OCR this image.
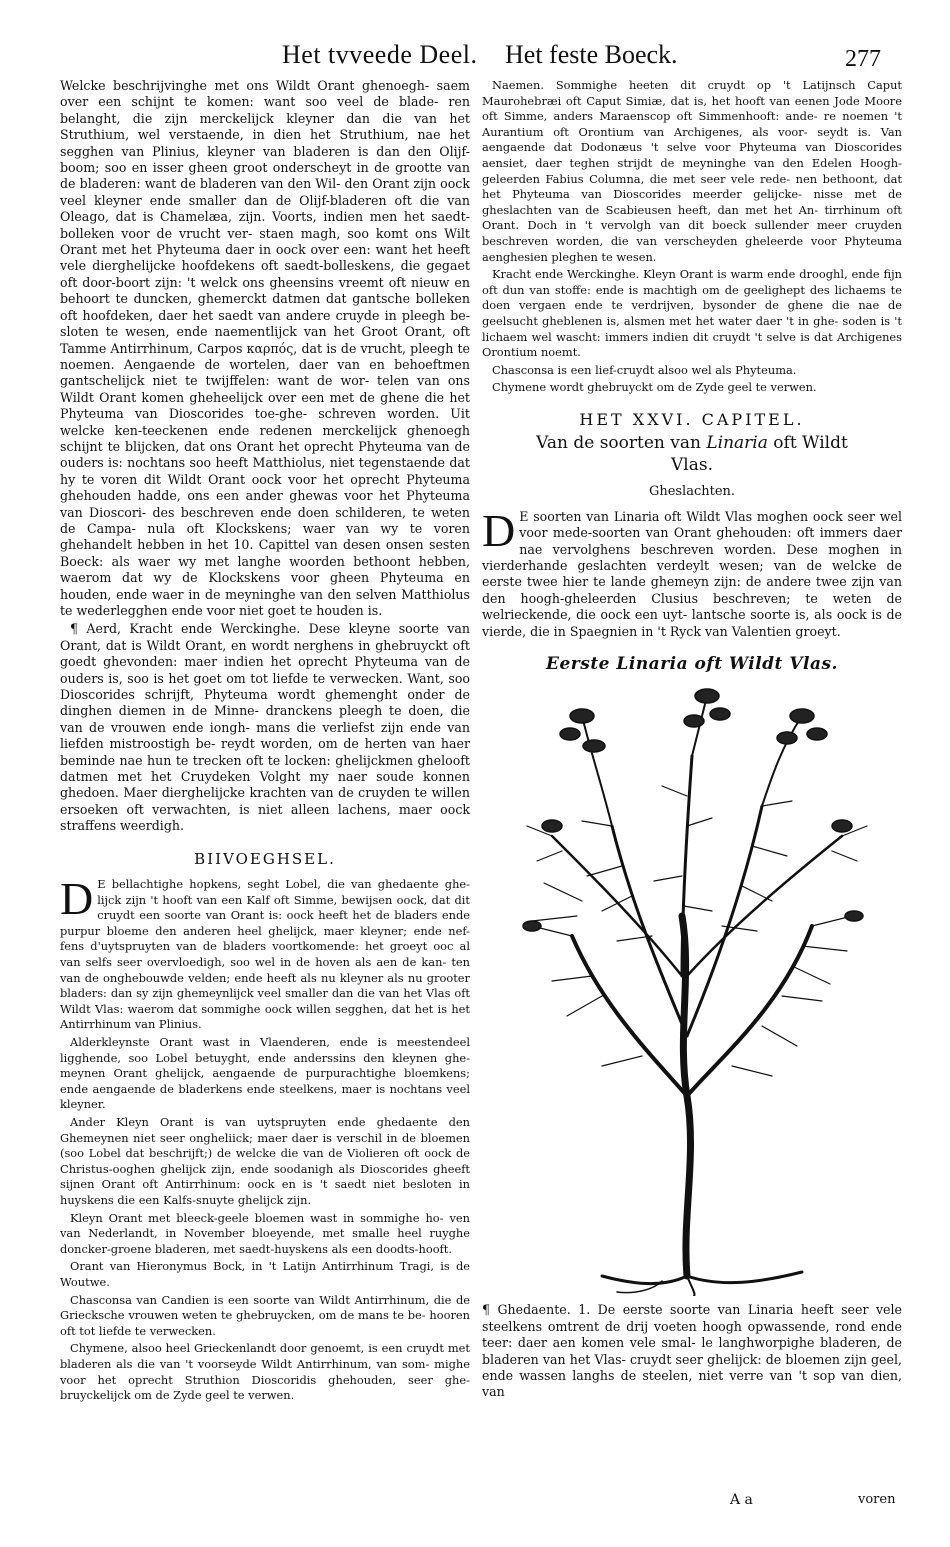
Het tvveede Deel. Het feste Boeck.	277

Welcke beschrijvinghe met ons Wildt Orant ghenoegh- saem over een schijnt te komen: want soo veel de blade- ren belanght, die zijn merckelijck kleyner dan die van het Struthium, wel verstaende, in dien het Struthium, nae het segghen van Plinius, kleyner van bladeren is dan den Olijf-boom; soo en isser gheen groot onderscheyt in de grootte van de bladeren: want de bladeren van den Wil- den Orant zijn oock veel kleyner ende smaller dan de Olijf-bladeren oft die van Oleago, dat is Chamelæa, zijn. Voorts, indien men het saedt-bolleken voor de vrucht ver- staen magh, soo komt ons Wilt Orant met het Phyteuma daer in oock over een: want het heeft vele dierghelijcke hoofdekens oft saedt-bolleskens, die gegaet oft door-boort zijn: 't welck ons gheensins vreemt oft nieuw en behoort te duncken, ghemerckt datmen dat gantsche bolleken oft hoofdeken, daer het saedt van andere cruyde in pleegh be- sloten te wesen, ende naementlijck van het Groot Orant, oft Tamme Antirrhinum, Carpos καρπός, dat is de vrucht, pleegh te noemen. Aengaende de wortelen, daer van en behoeftmen gantschelijck niet te twijffelen: want de wor- telen van ons Wildt Orant komen gheheelijck over een met de ghene die het Phyteuma van Dioscorides toe-ghe- schreven worden. Uit welcke ken-teeckenen ende redenen merckelijck ghenoegh schijnt te blijcken, dat ons Orant het oprecht Phyteuma van de ouders is: nochtans soo heeft Matthiolus, niet tegenstaende dat hy te voren dit Wildt Orant oock voor het oprecht Phyteuma ghehouden hadde, ons een ander ghewas voor het Phyteuma van Dioscori- des beschreven ende doen schilderen, te weten de Campa- nula oft Klockskens; waer van wy te voren ghehandelt hebben in het 10. Capittel van desen onsen sesten Boeck: als waer wy met langhe woorden bethoont hebben, waerom dat wy de Klockskens voor gheen Phyteuma en houden, ende waer in de meyninghe van den selven Matthiolus te wederlegghen ende voor niet goet te houden is.

¶ Aerd, Kracht ende Werckinghe. Dese kleyne soorte van Orant, dat is Wildt Orant, en wordt nerghens in ghebruyckt oft goedt ghevonden: maer indien het oprecht Phyteuma van de ouders is, soo is het goet om tot liefde te verwecken. Want, soo Dioscorides schrijft, Phyteuma wordt ghemenght onder de dinghen diemen in de Minne- dranckens pleegh te doen, die van de vrouwen ende iongh- mans die verliefst zijn ende van liefden mistroostigh be- reydt worden, om de herten van haer beminde nae hun te trecken oft te locken: ghelijckmen ghelooft datmen met het Cruydeken Volght my naer soude konnen ghedoen. Maer dierghelijcke krachten van de cruyden te willen ersoeken oft verwachten, is niet alleen lachens, maer oock straffens weerdigh.

BIIVOEGHSEL.

D E bellachtighe hopkens, seght Lobel, die van ghedaente ghe- lijck zijn 't hooft van een Kalf oft Simme, bewijsen oock, dat dit cruydt een soorte van Orant is: oock heeft het de bladers ende purpur bloeme den anderen heel ghelijck, maer kleyner; ende nef- fens d'uytspruyten van de bladers voortkomende: het groeyt ooc al van selfs seer overvloedigh, soo wel in de hoven als aen de kan- ten van de onghebouwde velden; ende heeft als nu kleyner als nu grooter bladers: dan sy zijn ghemeynlijck veel smaller dan die van het Vlas oft Wildt Vlas: waerom dat sommighe oock willen segghen, dat het is het Antirrhinum van Plinius.

Alderkleynste Orant wast in Vlaenderen, ende is meestendeel ligghende, soo Lobel betuyght, ende anderssins den kleynen ghe- meynen Orant ghelijck, aengaende de purpurachtighe bloemkens; ende aengaende de bladerkens ende steelkens, maer is nochtans veel kleyner.

Ander Kleyn Orant is van uytspruyten ende ghedaente den Ghemeynen niet seer ongheliick; maer daer is verschil in de bloemen (soo Lobel dat beschrijft;) de welcke die van de Violieren oft oock de Christus-ooghen ghelijck zijn, ende soodanigh als Dioscorides gheeft sijnen Orant oft Antirrhinum: oock en is 't saedt niet besloten in huyskens die een Kalfs-snuyte ghelijck zijn.

Kleyn Orant met bleeck-geele bloemen wast in sommighe ho- ven van Nederlandt, in November bloeyende, met smalle heel ruyghe doncker-groene bladeren, met saedt-huyskens als een doodts-hooft.

Orant van Hieronymus Bock, in 't Latijn Antirrhinum Tragi, is de Woutwe.

Chasconsa van Candien is een soorte van Wildt Antirrhinum, die de Griecksche vrouwen weten te ghebruycken, om de mans te be- hooren oft tot liefde te verwecken.

Chymene, alsoo heel Grieckenlandt door genoemt, is een cruydt met bladeren als die van 't voorseyde Wildt Antirrhinum, van som- mighe voor het oprecht Struthion Dioscoridis ghehouden, seer ghe- bruyckelijck om de Zyde geel te verwen.

Naemen. Sommighe heeten dit cruydt op 't Latijnsch Caput Maurohebræi oft Caput Simiæ, dat is, het hooft van eenen Jode Moore oft Simme, anders Maraenscop oft Simmenhooft: ande- re noemen 't Aurantium oft Orontium van Archigenes, als voor- seydt is. Van aengaende dat Dodonæus 't selve voor Phyteuma van Dioscorides aensiet, daer teghen strijdt de meyninghe van den Edelen Hoogh-geleerden Fabius Columna, die met seer vele rede- nen bethoont, dat het Phyteuma van Dioscorides meerder gelijcke- nisse met de gheslachten van de Scabieusen heeft, dan met het An- tirrhinum oft Orant. Doch in 't vervolgh van dit boeck sullender meer cruyden beschreven worden, die van verscheyden gheleerde voor Phyteuma aenghesien pleghen te wesen.

Kracht ende Werckinghe. Kleyn Orant is warm ende drooghl, ende fijn oft dun van stoffe: ende is machtigh om de geelighept des lichaems te doen vergaen ende te verdrijven, bysonder de ghene die nae de geelsucht gheblenen is, alsmen met het water daer 't in ghe- soden is 't lichaem wel wascht: immers indien dit cruydt 't selve is dat Archigenes Orontium noemt.

Chasconsa is een lief-cruydt alsoo wel als Phyteuma.

Chymene wordt ghebruyckt om de Zyde geel te verwen.

HET XXVI. CAPITEL.
Van de soorten van Linaria oft Wildt Vlas.
Gheslachten.

D E soorten van Linaria oft Wildt Vlas moghen oock seer wel voor mede-soorten van Orant ghehouden: oft immers daer nae vervolghens beschreven worden. Dese moghen in vierderhande geslachten verdeylt wesen; van de welcke de eerste twee hier te lande ghemeyn zijn: de andere twee zijn van den hoogh-gheleerden Clusius beschreven; te weten de welrieckende, die oock een uyt- lantsche soorte is, als oock is de vierde, die in Spaegnien in 't Ryck van Valentien groeyt.

Eerste Linaria oft Wildt Vlas.

¶ Ghedaente. 1. De eerste soorte van Linaria heeft seer vele steelkens omtrent de drij voeten hoogh opwassende, rond ende teer: daer aen komen vele smal- le langhworpighe bladeren, de bladeren van het Vlas- cruydt seer ghelijck: de bloemen zijn geel, ende wassen langhs de steelen, niet verre van 't sop van dien, van

A a	voren
